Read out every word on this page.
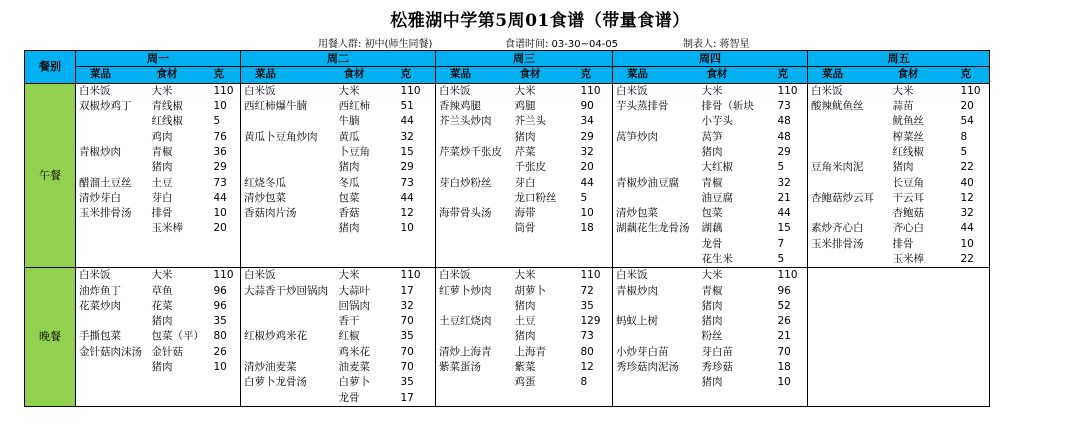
松雅湖中学第5周01食谱（带量食谱）
用餐人群: 初中(师生同餐)	食谱时间: 03-30~04-05	制表人: 蒋智星
餐别	周一			周二			周三			周四			周五		
	菜品	食材	克	菜品	食材	克	菜品	食材	克	菜品	食材	克	菜品	食材	克
午餐	白米饭	大米	110	白米饭	大米	110	白米饭	大米	110	白米饭	大米	110	白米饭	大米	110
	双椒炒鸡丁	青线椒	10	西红柿爆牛腩	西红柿	51	香辣鸡腿	鸡腿	90	芋头蒸排骨	排骨（斩块	73	酸辣鱿鱼丝	蒜苗	20
		红线椒	5		牛腩	44	芥兰头炒肉	芥兰头	34		小芋头	48		鱿鱼丝	54
		鸡肉	76	黄瓜卜豆角炒肉	黄瓜	32		猪肉	29	莴笋炒肉	莴笋	48		榨菜丝	8
	青椒炒肉	青椒	36		卜豆角	15	芹菜炒千张皮	芹菜	32		猪肉	29		红线椒	5
		猪肉	29		猪肉	29		千张皮	20		大红椒	5	豆角米肉泥	猪肉	22
	醋溜土豆丝	土豆	73	红烧冬瓜	冬瓜	73	芽白炒粉丝	芽白	44	青椒炒油豆腐	青椒	32		长豆角	40
	清炒芽白	芽白	44	清炒包菜	包菜	44		龙口粉丝	5		油豆腐	21	杏鲍菇炒云耳	干云耳	12
	玉米排骨汤	排骨	10	香菇肉片汤	香菇	12	海带骨头汤	海带	10	清炒包菜	包菜	44		杏鲍菇	32
		玉米棒	20		猪肉	10		筒骨	18	湖藕花生龙骨汤	湖藕	15	素炒齐心白	齐心白	44
											龙骨	7	玉米排骨汤	排骨	10
											花生米	5		玉米棒	22
晚餐	白米饭	大米	110	白米饭	大米	110	白米饭	大米	110	白米饭	大米	110			
	油炸鱼丁	草鱼	96	大蒜香干炒回锅肉	大蒜叶	17	红萝卜炒肉	胡萝卜	72	青椒炒肉	青椒	96			
	花菜炒肉	花菜	96		回锅肉	32		猪肉	35		猪肉	52			
		猪肉	35		香干	70	土豆红烧肉	土豆	129	蚂蚁上树	猪肉	26			
	手撕包菜	包菜（平）	80	红椒炒鸡米花	红椒	35		猪肉	73		粉丝	21			
	金针菇肉沫汤	金针菇	26		鸡米花	70	清炒上海青	上海青	80	小炒芽白苗	芽白苗	70			
		猪肉	10	清炒油麦菜	油麦菜	70	紫菜蛋汤	紫菜	12	秀珍菇肉泥汤	秀珍菇	18			
				白萝卜龙骨汤	白萝卜	35		鸡蛋	8		猪肉	10			
					龙骨	17									
